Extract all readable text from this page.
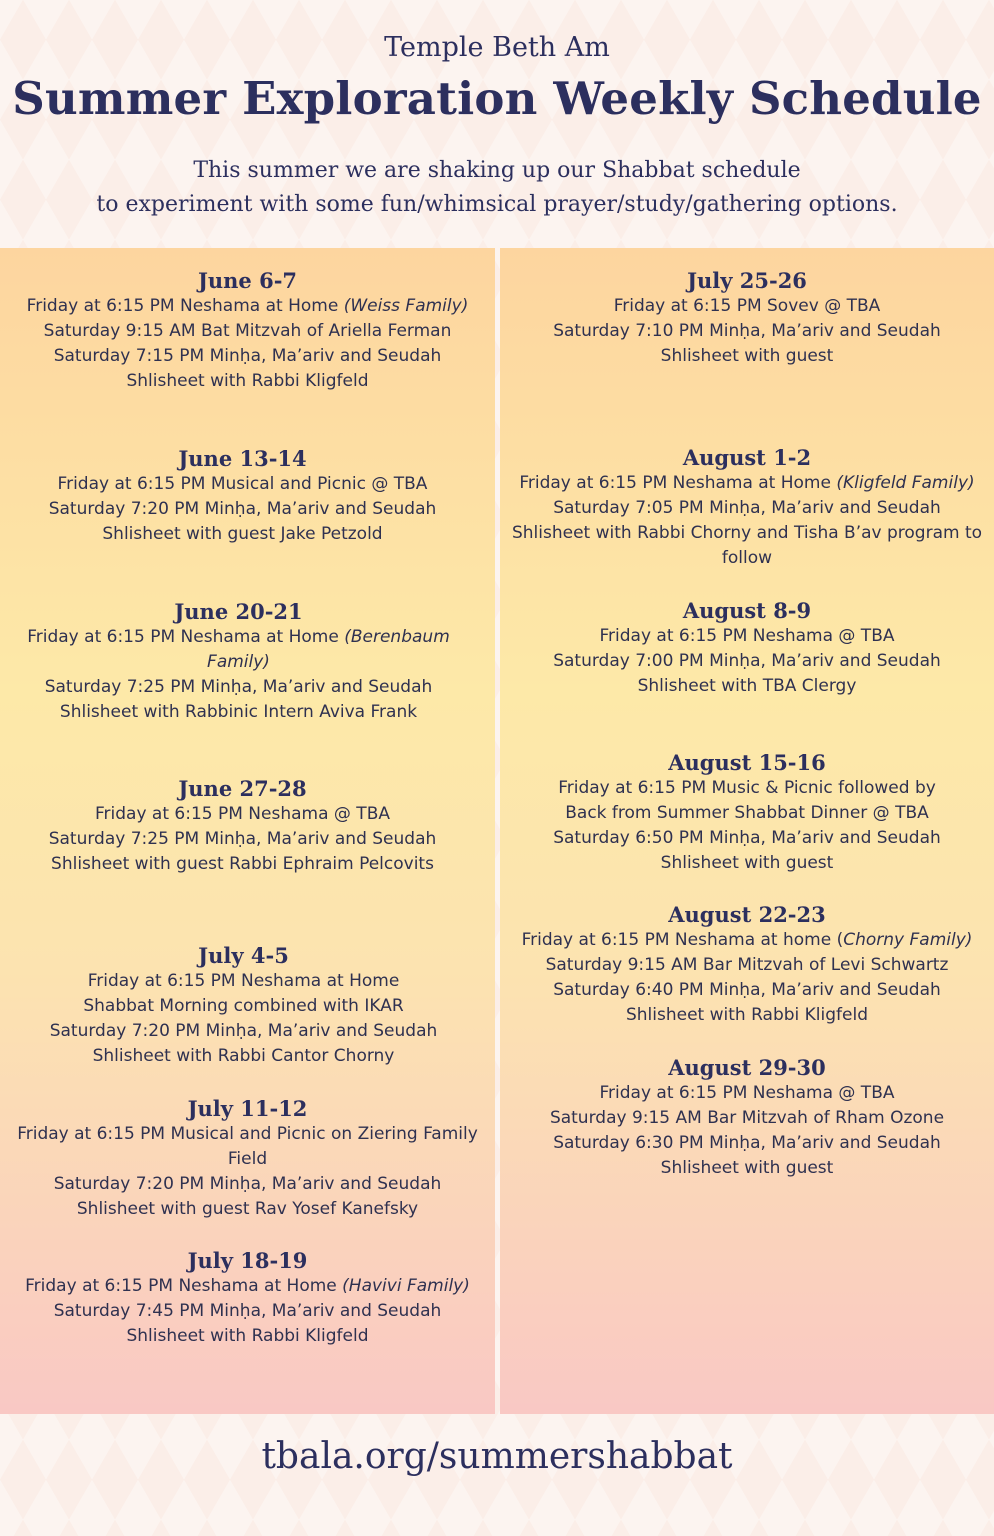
Temple Beth Am
Summer Exploration Weekly Schedule
This summer we are shaking up our Shabbat schedule
to experiment with some fun/whimsical prayer/study/gathering options.
June 6-7
Friday at 6:15 PM Neshama at Home (Weiss Family)
Saturday 9:15 AM Bat Mitzvah of Ariella Ferman
Saturday 7:15 PM Minḥa, Ma’ariv and Seudah
Shlisheet with Rabbi Kligfeld
June 13-14
Friday at 6:15 PM Musical and Picnic @ TBA
Saturday 7:20 PM Minḥa, Ma’ariv and Seudah
Shlisheet with guest Jake Petzold
June 20-21
Friday at 6:15 PM Neshama at Home (Berenbaum
Family)
Saturday 7:25 PM Minḥa, Ma’ariv and Seudah
Shlisheet with Rabbinic Intern Aviva Frank
June 27-28
Friday at 6:15 PM Neshama @ TBA
Saturday 7:25 PM Minḥa, Ma’ariv and Seudah
Shlisheet with guest Rabbi Ephraim Pelcovits
July 4-5
Friday at 6:15 PM Neshama at Home
Shabbat Morning combined with IKAR
Saturday 7:20 PM Minḥa, Ma’ariv and Seudah
Shlisheet with Rabbi Cantor Chorny
July 11-12
Friday at 6:15 PM Musical and Picnic on Ziering Family
Field
Saturday 7:20 PM Minḥa, Ma’ariv and Seudah
Shlisheet with guest Rav Yosef Kanefsky
July 18-19
Friday at 6:15 PM Neshama at Home (Havivi Family)
Saturday 7:45 PM Minḥa, Ma’ariv and Seudah
Shlisheet with Rabbi Kligfeld
July 25-26
Friday at 6:15 PM Sovev @ TBA
Saturday 7:10 PM Minḥa, Ma’ariv and Seudah
Shlisheet with guest
August 1-2
Friday at 6:15 PM Neshama at Home (Kligfeld Family)
Saturday 7:05 PM Minḥa, Ma’ariv and Seudah
Shlisheet with Rabbi Chorny and Tisha B’av program to
follow
August 8-9
Friday at 6:15 PM Neshama @ TBA
Saturday 7:00 PM Minḥa, Ma’ariv and Seudah
Shlisheet with TBA Clergy
August 15-16
Friday at 6:15 PM Music & Picnic followed by
Back from Summer Shabbat Dinner @ TBA
Saturday 6:50 PM Minḥa, Ma’ariv and Seudah
Shlisheet with guest
August 22-23
Friday at 6:15 PM Neshama at home (Chorny Family)
Saturday 9:15 AM Bar Mitzvah of Levi Schwartz
Saturday 6:40 PM Minḥa, Ma’ariv and Seudah
Shlisheet with Rabbi Kligfeld
August 29-30
Friday at 6:15 PM Neshama @ TBA
Saturday 9:15 AM Bar Mitzvah of Rham Ozone
Saturday 6:30 PM Minḥa, Ma’ariv and Seudah
Shlisheet with guest
tbala.org/summershabbat
